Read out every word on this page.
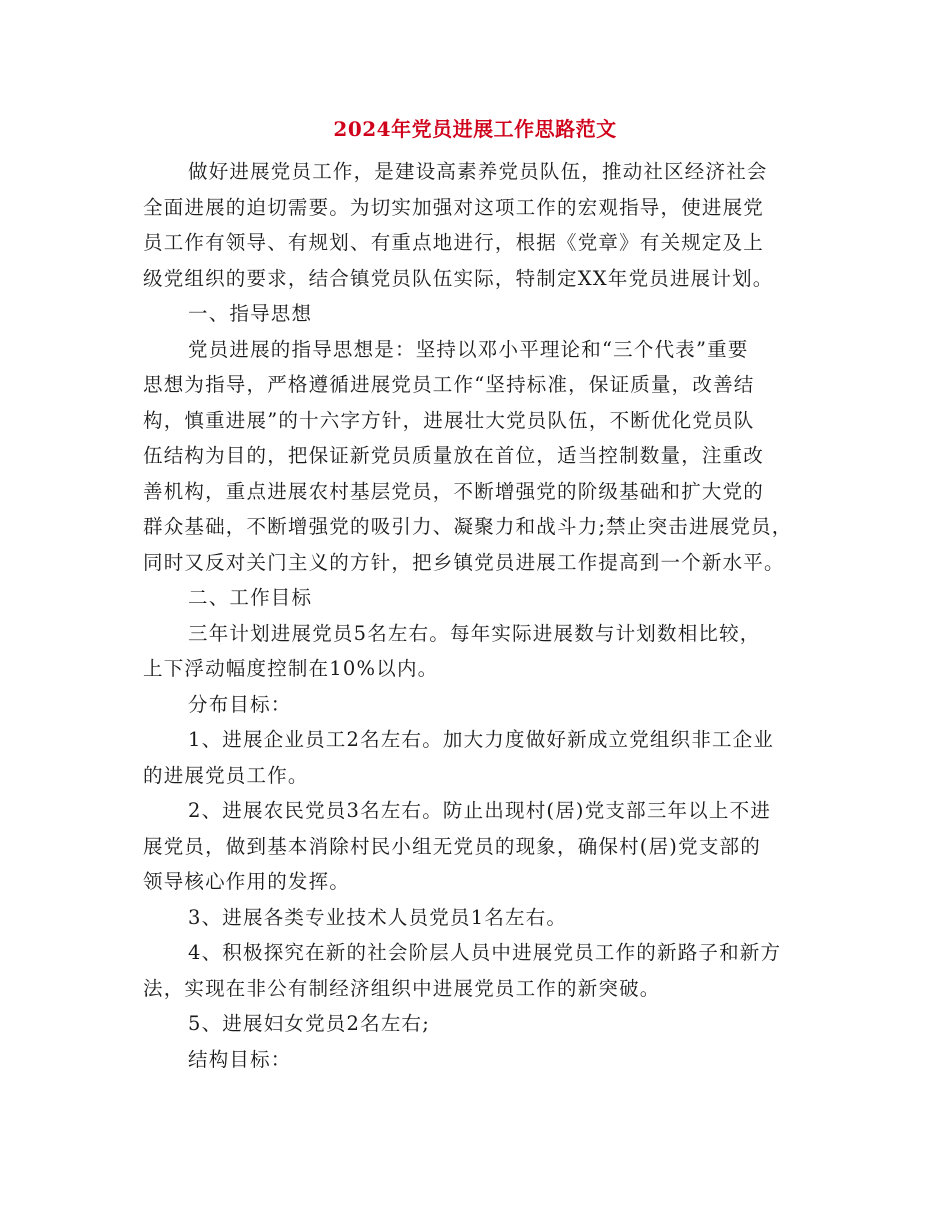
2024年党员进展工作思路范文
做好进展党员工作，是建设高素养党员队伍，推动社区经济社会
全面进展的迫切需要。为切实加强对这项工作的宏观指导，使进展党
员工作有领导、有规划、有重点地进行，根据《党章》有关规定及上
级党组织的要求，结合镇党员队伍实际，特制定XX年党员进展计划。
一、指导思想
党员进展的指导思想是：坚持以邓小平理论和“三个代表”重要
思想为指导，严格遵循进展党员工作“坚持标准，保证质量，改善结
构，慎重进展”的十六字方针，进展壮大党员队伍，不断优化党员队
伍结构为目的，把保证新党员质量放在首位，适当控制数量，注重改
善机构，重点进展农村基层党员，不断增强党的阶级基础和扩大党的
群众基础，不断增强党的吸引力、凝聚力和战斗力;禁止突击进展党员，
同时又反对关门主义的方针，把乡镇党员进展工作提高到一个新水平。
二、工作目标
三年计划进展党员5名左右。每年实际进展数与计划数相比较，
上下浮动幅度控制在10%以内。
分布目标：
1、进展企业员工2名左右。加大力度做好新成立党组织非工企业
的进展党员工作。
2、进展农民党员3名左右。防止出现村(居)党支部三年以上不进
展党员，做到基本消除村民小组无党员的现象，确保村(居)党支部的
领导核心作用的发挥。
3、进展各类专业技术人员党员1名左右。
4、积极探究在新的社会阶层人员中进展党员工作的新路子和新方
法，实现在非公有制经济组织中进展党员工作的新突破。
5、进展妇女党员2名左右;
结构目标：
